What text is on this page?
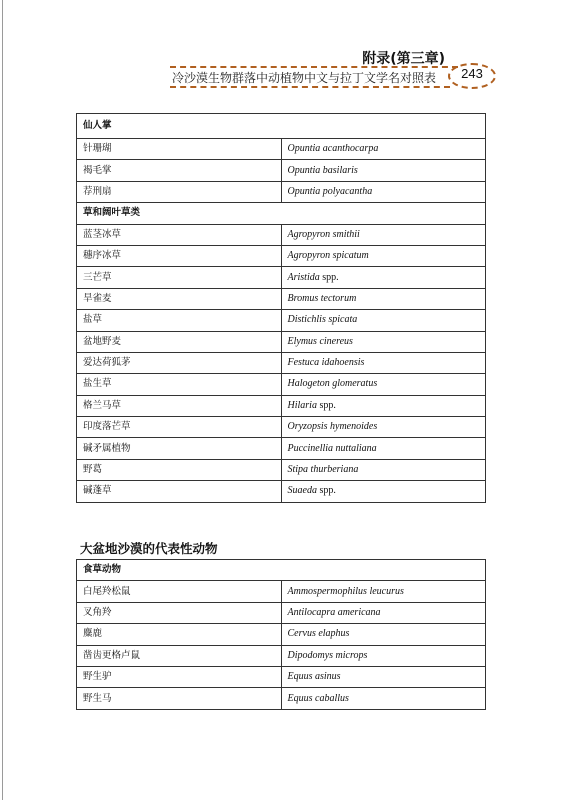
附录(第三章)
冷沙漠生物群落中动植物中文与拉丁文学名对照表	243
仙人掌	
针珊瑚	Opuntia acanthocarpa
褐毛掌	Opuntia basilaris
荐刑扇	Opuntia polyacantha
草和阔叶草类	
蓝茎冰草	Agropyron smithii
穗序冰草	Agropyron spicatum
三芒草	Aristida spp.
旱雀麦	Bromus tectorum
盐草	Distichlis spicata
盆地野麦	Elymus cinereus
爱达荷狐茅	Festuca idahoensis
盐生草	Halogeton glomeratus
格兰马草	Hilaria spp.
印度落芒草	Oryzopsis hymenoides
碱矛属植物	Puccinellia nuttaliana
野葛	Stipa thurberiana
碱蓬草	Suaeda spp.
大盆地沙漠的代表性动物
食草动物	
白尾羚松鼠	Ammospermophilus leucurus
叉角羚	Antilocapra americana
麋鹿	Cervus elaphus
凿齿更格卢鼠	Dipodomys microps
野生驴	Equus asinus
野生马	Equus caballus
